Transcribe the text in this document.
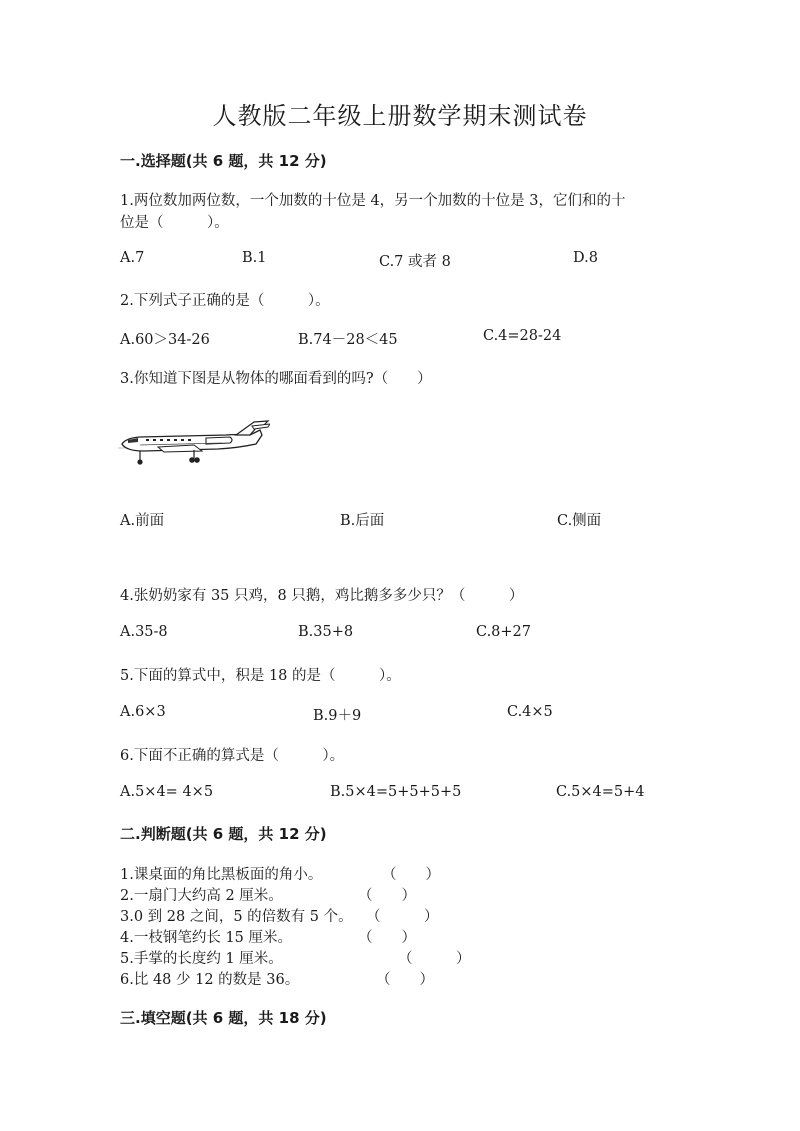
人教版二年级上册数学期末测试卷
一.选择题(共 6 题，共 12 分)
1.两位数加两位数，一个加数的十位是 4，另一个加数的十位是 3，它们和的十
位是（　　　）。
A.7	B.1	C.7 或者 8	D.8
2.下列式子正确的是（　　　）。
A.60＞34-26	B.74－28＜45	C.4=28-24
3.你知道下图是从物体的哪面看到的吗?（　　）
A.前面	B.后面	C.侧面
4.张奶奶家有 35 只鸡，8 只鹅，鸡比鹅多多少只？（　　　）
A.35-8	B.35+8	C.8+27
5.下面的算式中，积是 18 的是（　　　）。
A.6×3	B.9＋9	C.4×5
6.下面不正确的算式是（　　　）。
A.5×4= 4×5	B.5×4=5+5+5+5	C.5×4=5+4
二.判断题(共 6 题，共 12 分)
1.课桌面的角比黑板面的角小。	（　　）
2.一扇门大约高 2 厘米。	（　　）
3.0 到 28 之间，5 的倍数有 5 个。 （　　　）
4.一枝钢笔约长 15 厘米。	（　　）
5.手掌的长度约 1 厘米。	（　　　）
6.比 48 少 12 的数是 36。	（　　）
三.填空题(共 6 题，共 18 分)
